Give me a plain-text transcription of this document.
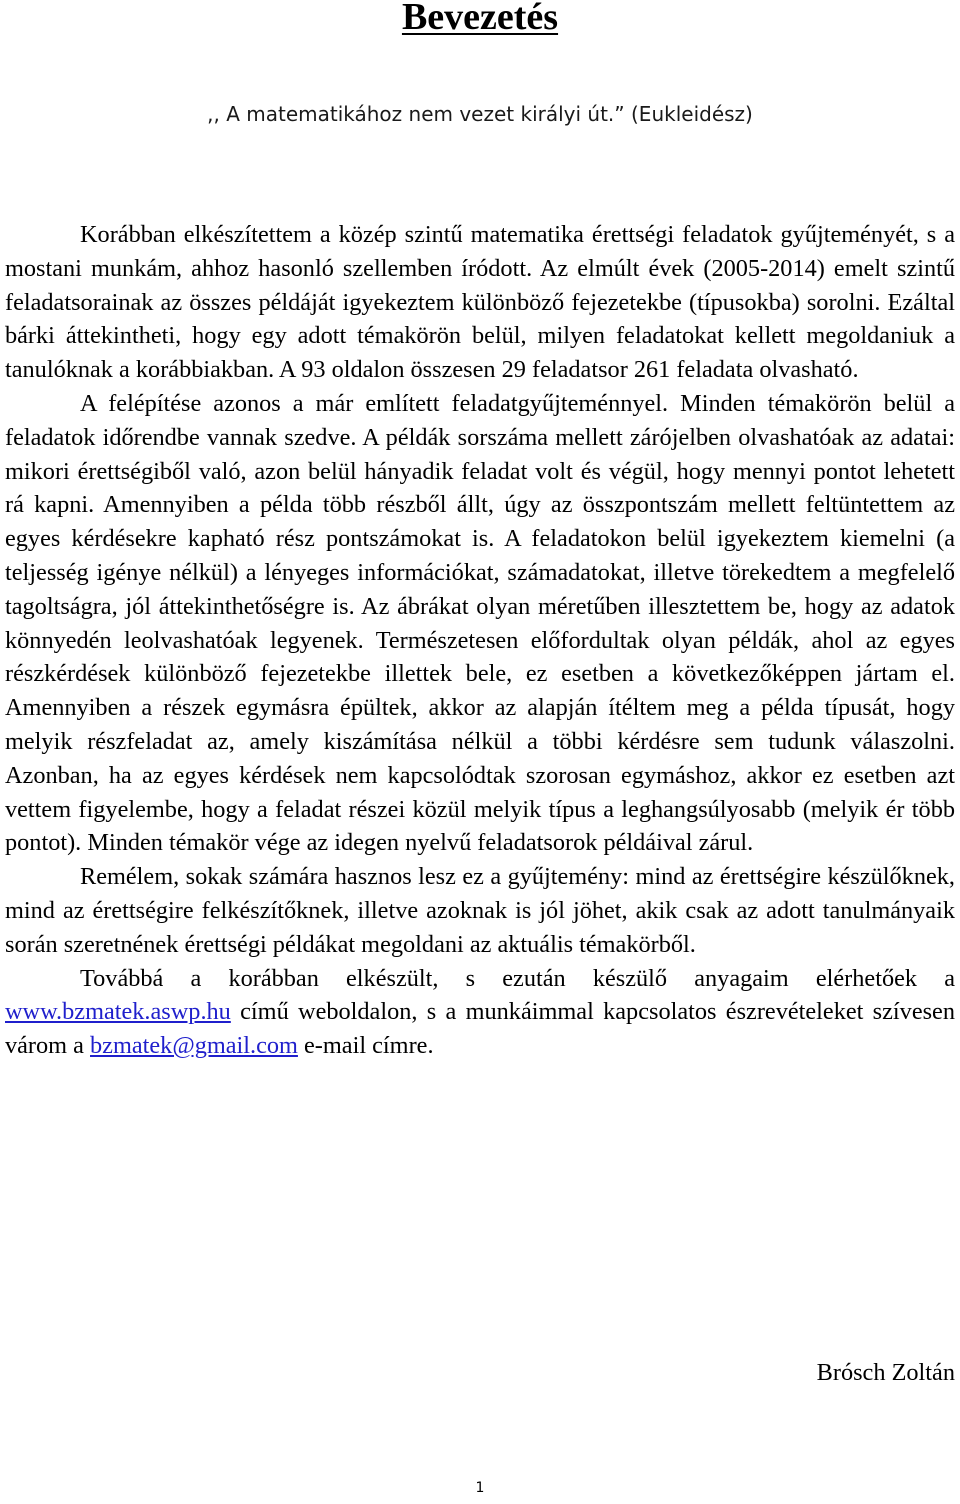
Bevezetés
,, A matematikához nem vezet királyi út.” (Eukleidész)

Korábban elkészítettem a közép szintű matematika érettségi feladatok gyűjteményét, s a mostani munkám, ahhoz hasonló szellemben íródott. Az elmúlt évek (2005-2014) emelt szintű feladatsorainak az összes példáját igyekeztem különböző fejezetekbe (típusokba) sorolni. Ezáltal bárki áttekintheti, hogy egy adott témakörön belül, milyen feladatokat kellett megoldaniuk a tanulóknak a korábbiakban. A 93 oldalon összesen 29 feladatsor 261 feladata olvasható.

A felépítése azonos a már említett feladatgyűjteménnyel. Minden témakörön belül a feladatok időrendbe vannak szedve. A példák sorszáma mellett zárójelben olvashatóak az adatai: mikori érettségiből való, azon belül hányadik feladat volt és végül, hogy mennyi pontot lehetett rá kapni. Amennyiben a példa több részből állt, úgy az összpontszám mellett feltüntettem az egyes kérdésekre kapható rész pontszámokat is. A feladatokon belül igyekeztem kiemelni (a teljesség igénye nélkül) a lényeges információkat, számadatokat, illetve törekedtem a megfelelő tagoltságra, jól áttekinthetőségre is. Az ábrákat olyan méretűben illesztettem be, hogy az adatok könnyedén leolvashatóak legyenek. Természetesen előfordultak olyan példák, ahol az egyes részkérdések különböző fejezetekbe illettek bele, ez esetben a következőképpen jártam el. Amennyiben a részek egymásra épültek, akkor az alapján ítéltem meg a példa típusát, hogy melyik részfeladat az, amely kiszámítása nélkül a többi kérdésre sem tudunk válaszolni. Azonban, ha az egyes kérdések nem kapcsolódtak szorosan egymáshoz, akkor ez esetben azt vettem figyelembe, hogy a feladat részei közül melyik típus a leghangsúlyosabb (melyik ér több pontot). Minden témakör vége az idegen nyelvű feladatsorok példáival zárul.

Remélem, sokak számára hasznos lesz ez a gyűjtemény: mind az érettségire készülőknek, mind az érettségire felkészítőknek, illetve azoknak is jól jöhet, akik csak az adott tanulmányaik során szeretnének érettségi példákat megoldani az aktuális témakörből.

Továbbá a korábban elkészült, s ezután készülő anyagaim elérhetőek a www.bzmatek.aswp.hu című weboldalon, s a munkáimmal kapcsolatos észrevételeket szívesen várom a bzmatek@gmail.com e-mail címre.

Brósch Zoltán
1
